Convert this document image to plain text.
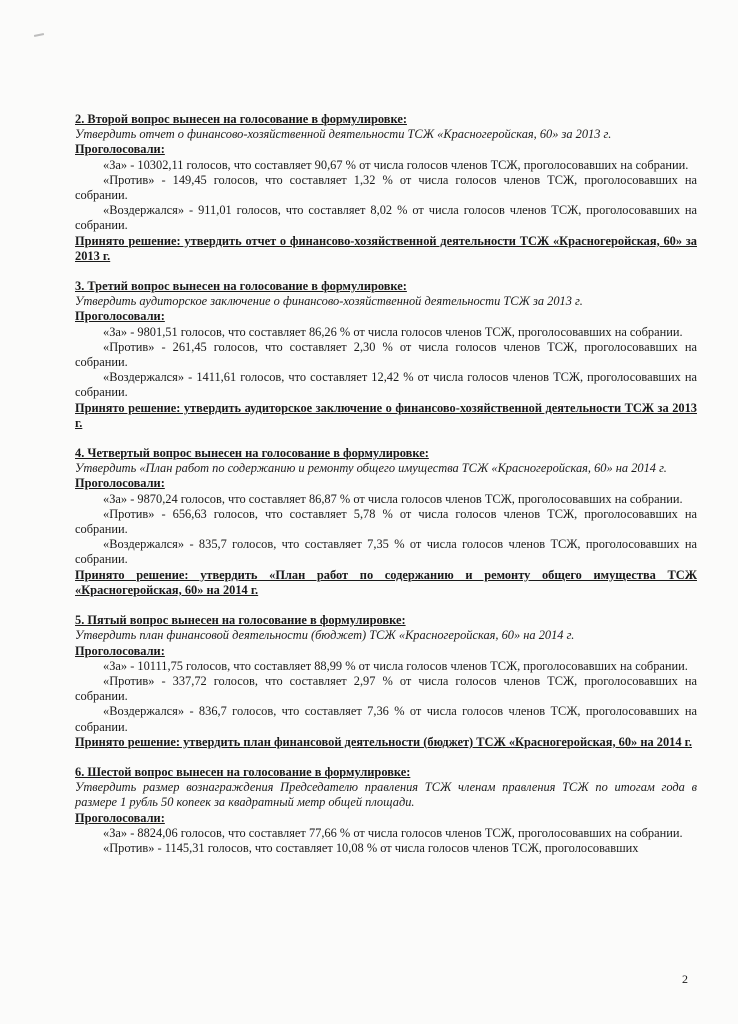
2. Второй вопрос вынесен на голосование в формулировке:
Утвердить отчет о финансово-хозяйственной деятельности ТСЖ «Красногеройская, 60» за 2013 г.
Проголосовали:
«За» - 10302,11 голосов, что составляет 90,67 % от числа голосов членов ТСЖ, проголосовавших на собрании.
«Против» - 149,45 голосов, что составляет 1,32 % от числа голосов членов ТСЖ, проголосовавших на собрании.
«Воздержался» - 911,01 голосов, что составляет 8,02 % от числа голосов членов ТСЖ, проголосовавших на собрании.
Принято решение: утвердить отчет о финансово-хозяйственной деятельности ТСЖ «Красногеройская, 60» за 2013 г.
3. Третий вопрос вынесен на голосование в формулировке:
Утвердить аудиторское заключение о финансово-хозяйственной деятельности ТСЖ за 2013 г.
Проголосовали:
«За» - 9801,51 голосов, что составляет 86,26 % от числа голосов членов ТСЖ, проголосовавших на собрании.
«Против» - 261,45 голосов, что составляет 2,30 % от числа голосов членов ТСЖ, проголосовавших на собрании.
«Воздержался» - 1411,61 голосов, что составляет 12,42 % от числа голосов членов ТСЖ, проголосовавших на собрании.
Принято решение: утвердить аудиторское заключение о финансово-хозяйственной деятельности ТСЖ за 2013 г.
4. Четвертый вопрос вынесен на голосование в формулировке:
Утвердить «План работ по содержанию и ремонту общего имущества ТСЖ «Красногеройская, 60» на 2014 г.
Проголосовали:
«За» - 9870,24 голосов, что составляет 86,87 % от числа голосов членов ТСЖ, проголосовавших на собрании.
«Против» - 656,63 голосов, что составляет 5,78 % от числа голосов членов ТСЖ, проголосовавших на собрании.
«Воздержался» - 835,7 голосов, что составляет 7,35 % от числа голосов членов ТСЖ, проголосовавших на собрании.
Принято решение: утвердить «План работ по содержанию и ремонту общего имущества ТСЖ «Красногеройская, 60» на 2014 г.
5. Пятый вопрос вынесен на голосование в формулировке:
Утвердить план финансовой деятельности (бюджет) ТСЖ «Красногеройская, 60» на 2014 г.
Проголосовали:
«За» - 10111,75 голосов, что составляет 88,99 % от числа голосов членов ТСЖ, проголосовавших на собрании.
«Против» - 337,72 голосов, что составляет 2,97 % от числа голосов членов ТСЖ, проголосовавших на собрании.
«Воздержался» - 836,7 голосов, что составляет 7,36 % от числа голосов членов ТСЖ, проголосовавших на собрании.
Принято решение: утвердить план финансовой деятельности (бюджет) ТСЖ «Красногеройская, 60» на 2014 г.
6. Шестой вопрос вынесен на голосование в формулировке:
Утвердить размер вознаграждения Председателю правления ТСЖ членам правления ТСЖ по итогам года в размере 1 рубль 50 копеек за квадратный метр общей площади.
Проголосовали:
«За» - 8824,06 голосов, что составляет 77,66 % от числа голосов членов ТСЖ, проголосовавших на собрании.
«Против» - 1145,31 голосов, что составляет 10,08 % от числа голосов членов ТСЖ, проголосовавших
2
